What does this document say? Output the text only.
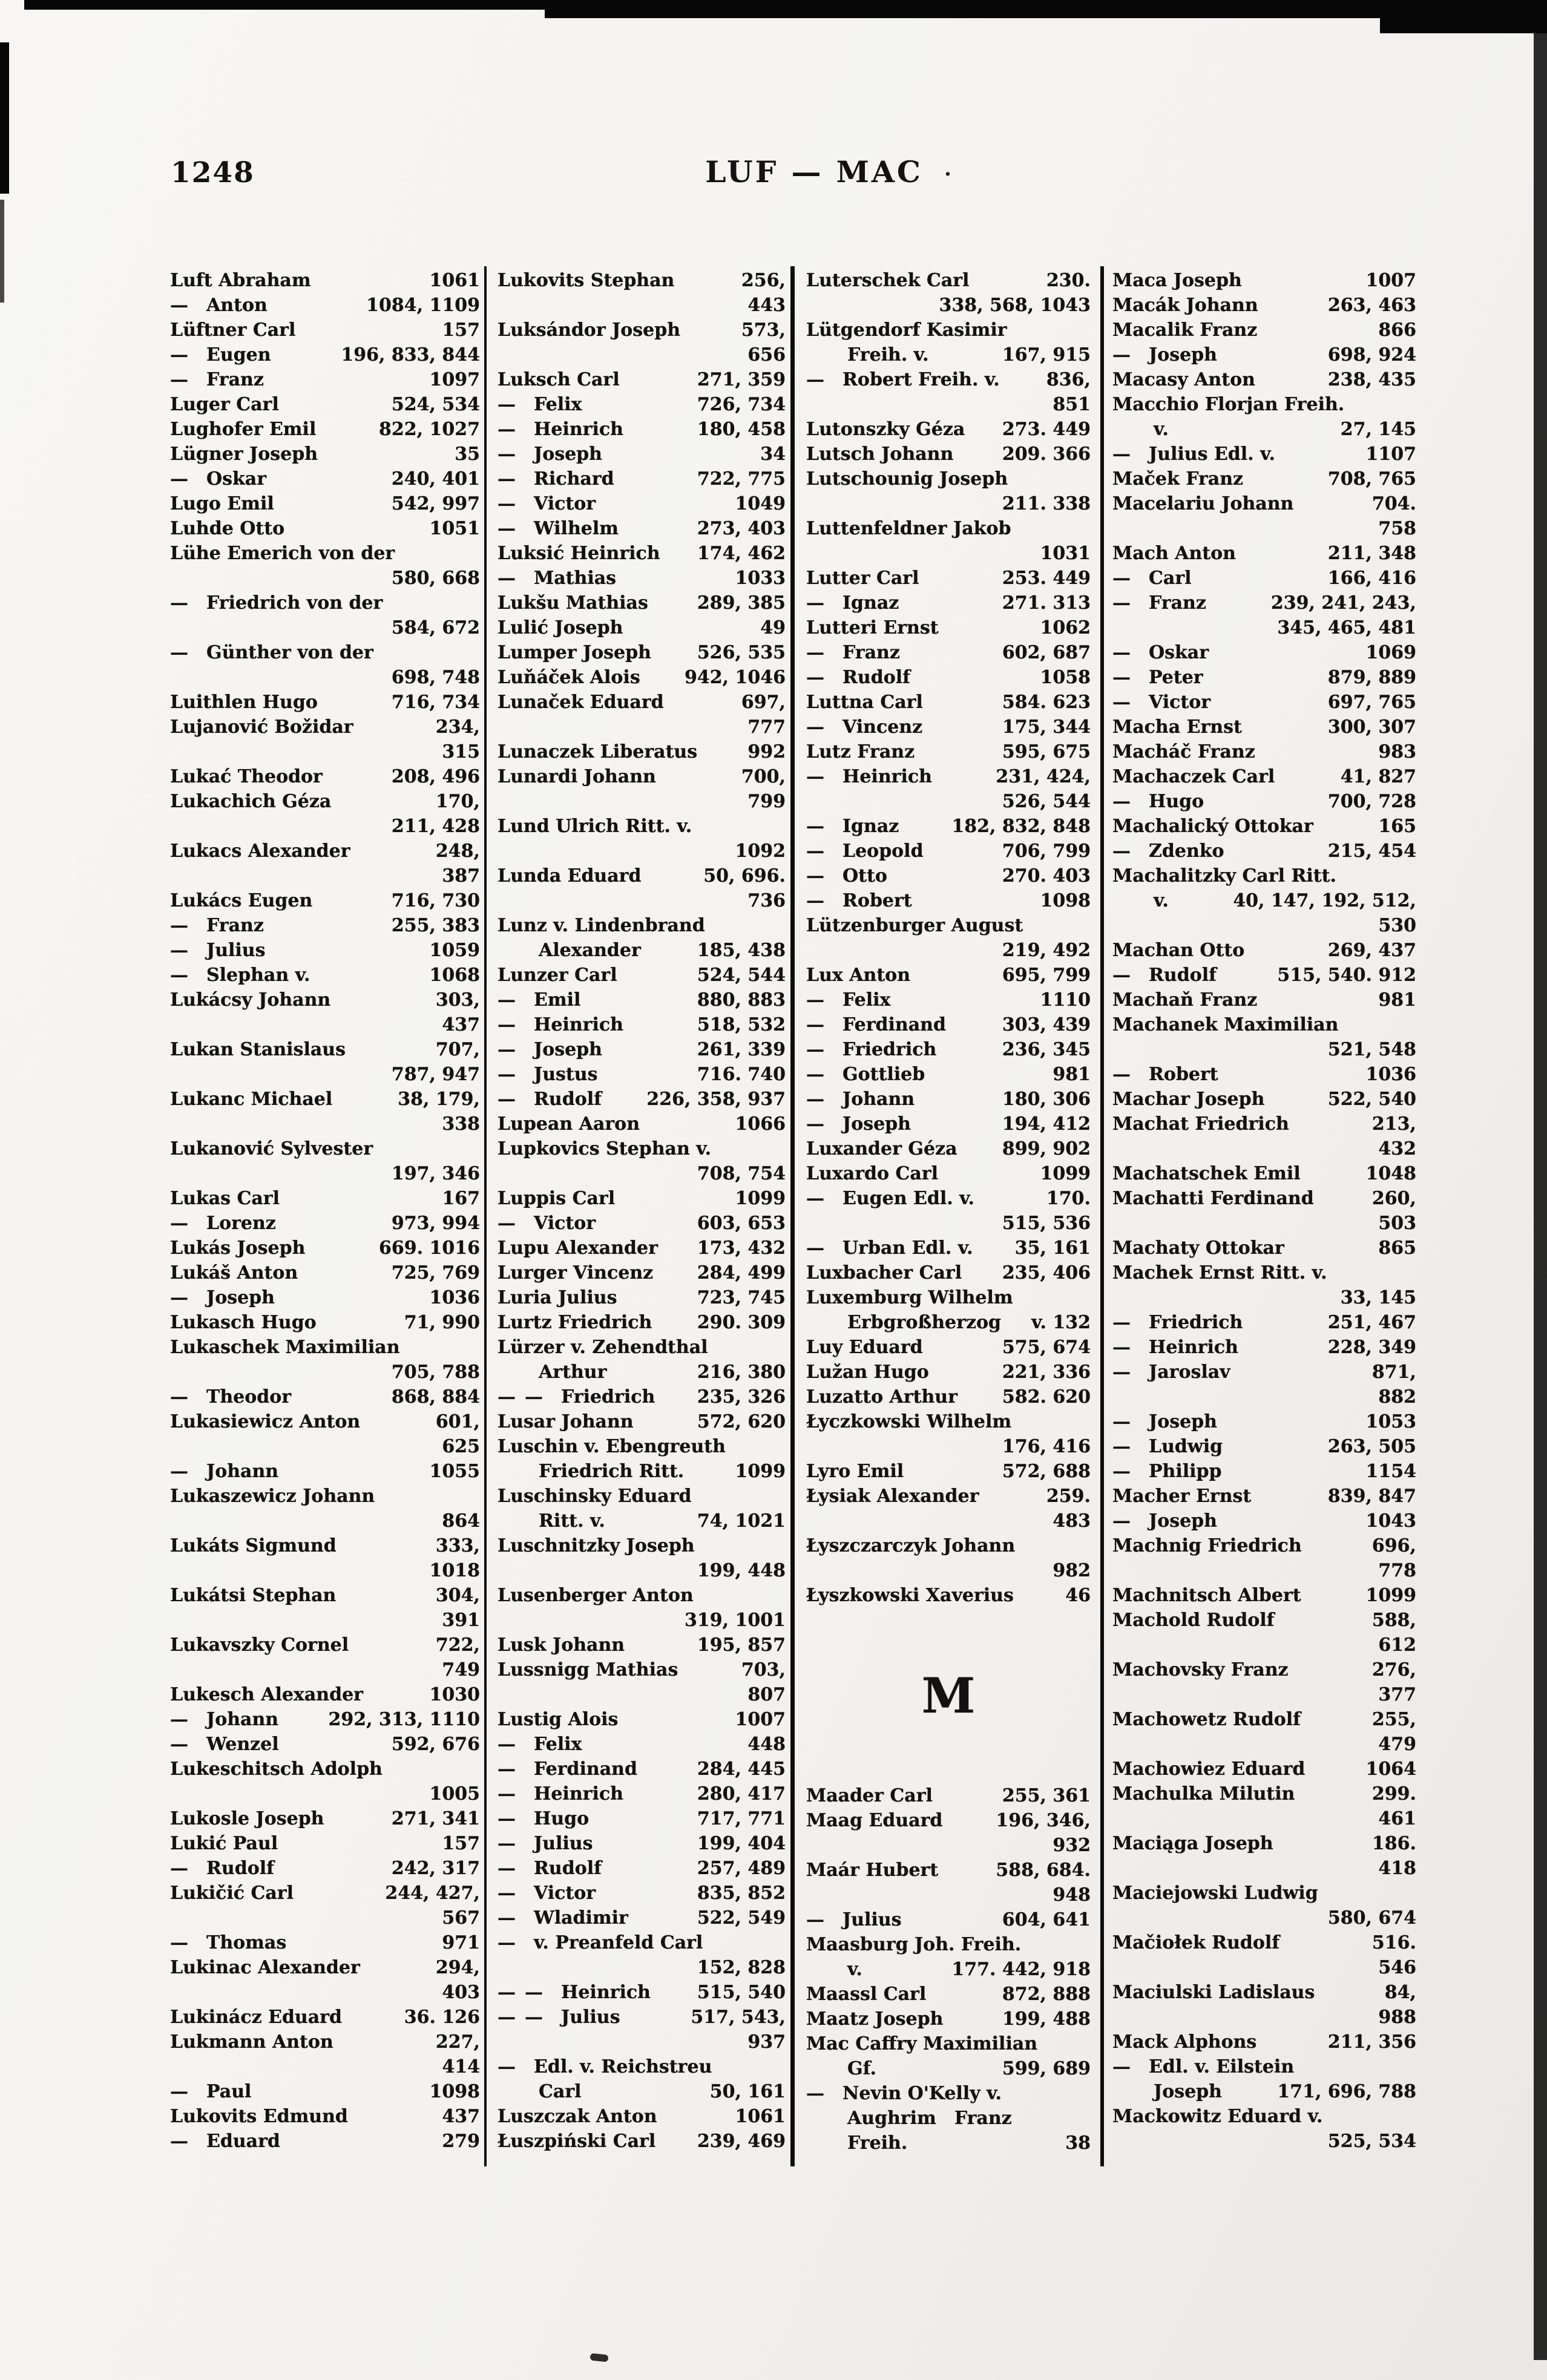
1248	LUF — MAC ·
Luft Abraham	1061
— Anton	1084, 1109
Lüftner Carl	157
— Eugen	196, 833, 844
— Franz	1097
Luger Carl	524, 534
Lughofer Emil	822, 1027
Lügner Joseph	35
— Oskar	240, 401
Lugo Emil	542, 997
Luhde Otto	1051
Lühe Emerich von der
580, 668
— Friedrich von der
584, 672
— Günther von der
698, 748
Luithlen Hugo	716, 734
Lujanović Božidar	234,
315
Lukać Theodor	208, 496
Lukachich Géza	170,
211, 428
Lukacs Alexander	248,
387
Lukács Eugen	716, 730
— Franz	255, 383
— Julius	1059
— Slephan v.	1068
Lukácsy Johann	303,
437
Lukan Stanislaus	707,
787, 947
Lukanc Michael	38, 179,
338
Lukanović Sylvester
197, 346
Lukas Carl	167
— Lorenz	973, 994
Lukás Joseph	669. 1016
Lukáš Anton	725, 769
— Joseph	1036
Lukasch Hugo	71, 990
Lukaschek Maximilian
705, 788
— Theodor	868, 884
Lukasiewicz Anton	601,
625
— Johann	1055
Lukaszewicz Johann
864
Lukáts Sigmund	333,
1018
Lukátsi Stephan	304,
391
Lukavszky Cornel	722,
749
Lukesch Alexander	1030
— Johann	292, 313, 1110
— Wenzel	592, 676
Lukeschitsch Adolph
1005
Lukosle Joseph	271, 341
Lukić Paul	157
— Rudolf	242, 317
Lukičić Carl	244, 427,
567
— Thomas	971
Lukinac Alexander	294,
403
Lukinácz Eduard	36. 126
Lukmann Anton	227,
414
— Paul	1098
Lukovits Edmund	437
— Eduard	279
Lukovits Stephan	256,
443
Luksándor Joseph	573,
656
Luksch Carl	271, 359
— Felix	726, 734
— Heinrich	180, 458
— Joseph	34
— Richard	722, 775
— Victor	1049
— Wilhelm	273, 403
Luksić Heinrich	174, 462
— Mathias	1033
Lukšu Mathias	289, 385
Lulić Joseph	49
Lumper Joseph	526, 535
Luňáček Alois	942, 1046
Lunaček Eduard	697,
777
Lunaczek Liberatus	992
Lunardi Johann	700,
799
Lund Ulrich Ritt. v.
1092
Lunda Eduard	50, 696.
736
Lunz v. Lindenbrand
Alexander	185, 438
Lunzer Carl	524, 544
— Emil	880, 883
— Heinrich	518, 532
— Joseph	261, 339
— Justus	716. 740
— Rudolf	226, 358, 937
Lupean Aaron	1066
Lupkovics Stephan v.
708, 754
Luppis Carl	1099
— Victor	603, 653
Lupu Alexander	173, 432
Lurger Vincenz	284, 499
Luria Julius	723, 745
Lurtz Friedrich	290. 309
Lürzer v. Zehendthal
Arthur	216, 380
— — Friedrich	235, 326
Lusar Johann	572, 620
Luschin v. Ebengreuth
Friedrich Ritt.	1099
Luschinsky Eduard
Ritt. v.	74, 1021
Luschnitzky Joseph
199, 448
Lusenberger Anton
319, 1001
Lusk Johann	195, 857
Lussnigg Mathias	703,
807
Lustig Alois	1007
— Felix	448
— Ferdinand	284, 445
— Heinrich	280, 417
— Hugo	717, 771
— Julius	199, 404
— Rudolf	257, 489
— Victor	835, 852
— Wladimir	522, 549
— v. Preanfeld Carl
152, 828
— — Heinrich	515, 540
— — Julius	517, 543,
937
— Edl. v. Reichstreu
Carl	50, 161
Luszczak Anton	1061
Łuszpiński Carl	239, 469
Luterschek Carl	230.
338, 568, 1043
Lütgendorf Kasimir
Freih. v.	167, 915
— Robert Freih. v.	836,
851
Lutonszky Géza	273. 449
Lutsch Johann	209. 366
Lutschounig Joseph
211. 338
Luttenfeldner Jakob
1031
Lutter Carl	253. 449
— Ignaz	271. 313
Lutteri Ernst	1062
— Franz	602, 687
— Rudolf	1058
Luttna Carl	584. 623
— Vincenz	175, 344
Lutz Franz	595, 675
— Heinrich	231, 424,
526, 544
— Ignaz	182, 832, 848
— Leopold	706, 799
— Otto	270. 403
— Robert	1098
Lützenburger August
219, 492
Lux Anton	695, 799
— Felix	1110
— Ferdinand	303, 439
— Friedrich	236, 345
— Gottlieb	981
— Johann	180, 306
— Joseph	194, 412
Luxander Géza	899, 902
Luxardo Carl	1099
— Eugen Edl. v.	170.
515, 536
— Urban Edl. v.	35, 161
Luxbacher Carl	235, 406
Luxemburg Wilhelm
Erbgroßherzog	v. 132
Luy Eduard	575, 674
Lužan Hugo	221, 336
Luzatto Arthur	582. 620
Łyczkowski Wilhelm
176, 416
Lyro Emil	572, 688
Łysiak Alexander	259.
483
Łyszczarczyk Johann
982
Łyszkowski Xaverius	46
M
Maader Carl	255, 361
Maag Eduard	196, 346,
932
Maár Hubert	588, 684.
948
— Julius	604, 641
Maasburg Joh. Freih.
v.	177. 442, 918
Maassl Carl	872, 888
Maatz Joseph	199, 488
Mac Caffry Maximilian
Gf.	599, 689
— Nevin O'Kelly v.
Aughrim Franz
Freih.	38
Maca Joseph	1007
Macák Johann	263, 463
Macalik Franz	866
— Joseph	698, 924
Macasy Anton	238, 435
Macchio Florjan Freih.
v.	27, 145
— Julius Edl. v.	1107
Maček Franz	708, 765
Macelariu Johann	704.
758
Mach Anton	211, 348
— Carl	166, 416
— Franz	239, 241, 243,
345, 465, 481
— Oskar	1069
— Peter	879, 889
— Victor	697, 765
Macha Ernst	300, 307
Macháč Franz	983
Machaczek Carl	41, 827
— Hugo	700, 728
Machalický Ottokar	165
— Zdenko	215, 454
Machalitzky Carl Ritt.
v.	40, 147, 192, 512,
530
Machan Otto	269, 437
— Rudolf	515, 540. 912
Machaň Franz	981
Machanek Maximilian
521, 548
— Robert	1036
Machar Joseph	522, 540
Machat Friedrich	213,
432
Machatschek Emil	1048
Machatti Ferdinand	260,
503
Machaty Ottokar	865
Machek Ernst Ritt. v.
33, 145
— Friedrich	251, 467
— Heinrich	228, 349
— Jaroslav	871,
882
— Joseph	1053
— Ludwig	263, 505
— Philipp	1154
Macher Ernst	839, 847
— Joseph	1043
Machnig Friedrich	696,
778
Machnitsch Albert	1099
Machold Rudolf	588,
612
Machovsky Franz	276,
377
Machowetz Rudolf	255,
479
Machowiez Eduard	1064
Machulka Milutin	299.
461
Maciąga Joseph	186.
418
Maciejowski Ludwig
580, 674
Mačiołek Rudolf	516.
546
Maciulski Ladislaus	84,
988
Mack Alphons	211, 356
— Edl. v. Eilstein
Joseph	171, 696, 788
Mackowitz Eduard v.
525, 534
